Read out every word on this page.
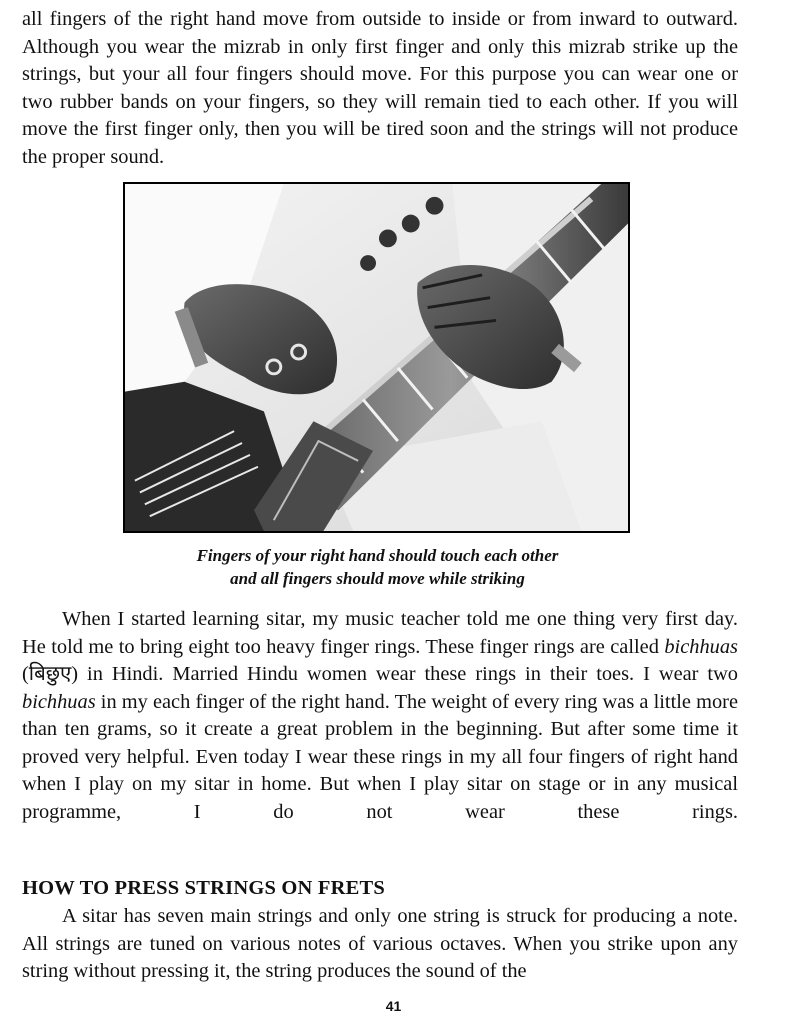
all fingers of the right hand move from outside to inside or from inward to outward. Although you wear the mizrab in only first finger and only this mizrab strike up the strings, but your all four fingers should move. For this purpose you can wear one or two rubber bands on your fingers, so they will remain tied to each other. If you will move the first finger only, then you will be tired soon and the strings will not produce the proper sound.

Fingers of your right hand should touch each other
and all fingers should move while striking

When I started learning sitar, my music teacher told me one thing very first day. He told me to bring eight too heavy finger rings. These finger rings are called bichhuas (बिछुए) in Hindi. Married Hindu women wear these rings in their toes. I wear two bichhuas in my each finger of the right hand. The weight of every ring was a little more than ten grams, so it create a great problem in the beginning. But after some time it proved very helpful. Even today I wear these rings in my all four fingers of right hand when I play on my sitar in home. But when I play sitar on stage or in any musical programme, I do not wear these rings.

HOW TO PRESS STRINGS ON FRETS

A sitar has seven main strings and only one string is struck for producing a note. All strings are tuned on various notes of various octaves. When you strike upon any string without pressing it, the string produces the sound of the

41
